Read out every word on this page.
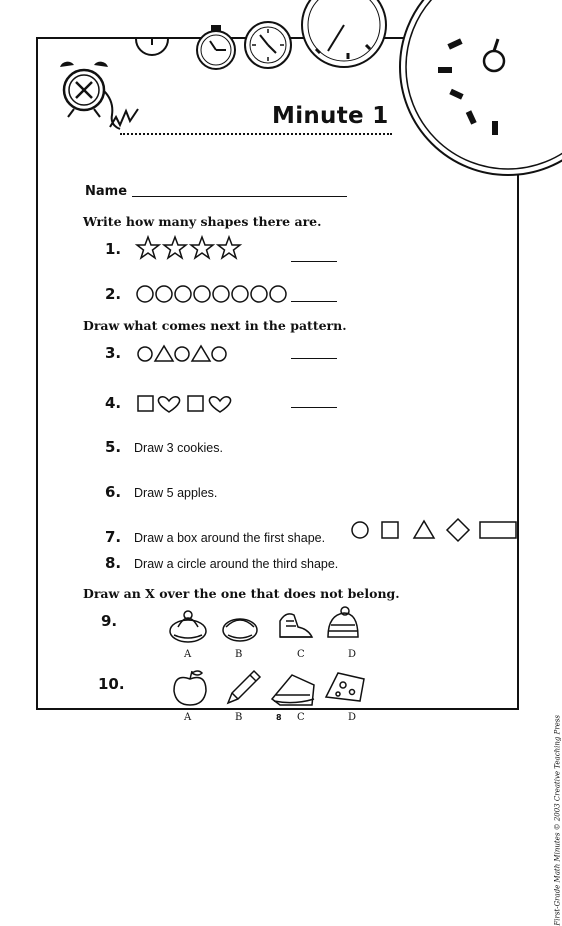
Minute 1
Name
Write how many shapes there are.
1.
2.
Draw what comes next in the pattern.
3.
4.
5. Draw 3 cookies.
6. Draw 5 apples.
7. Draw a box around the first shape.
8. Draw a circle around the third shape.
Draw an X over the one that does not belong.
9.
A	B	C	D
10.
A	B	C	D
8	First-Grade Math Minutes © 2003 Creative Teaching Press
